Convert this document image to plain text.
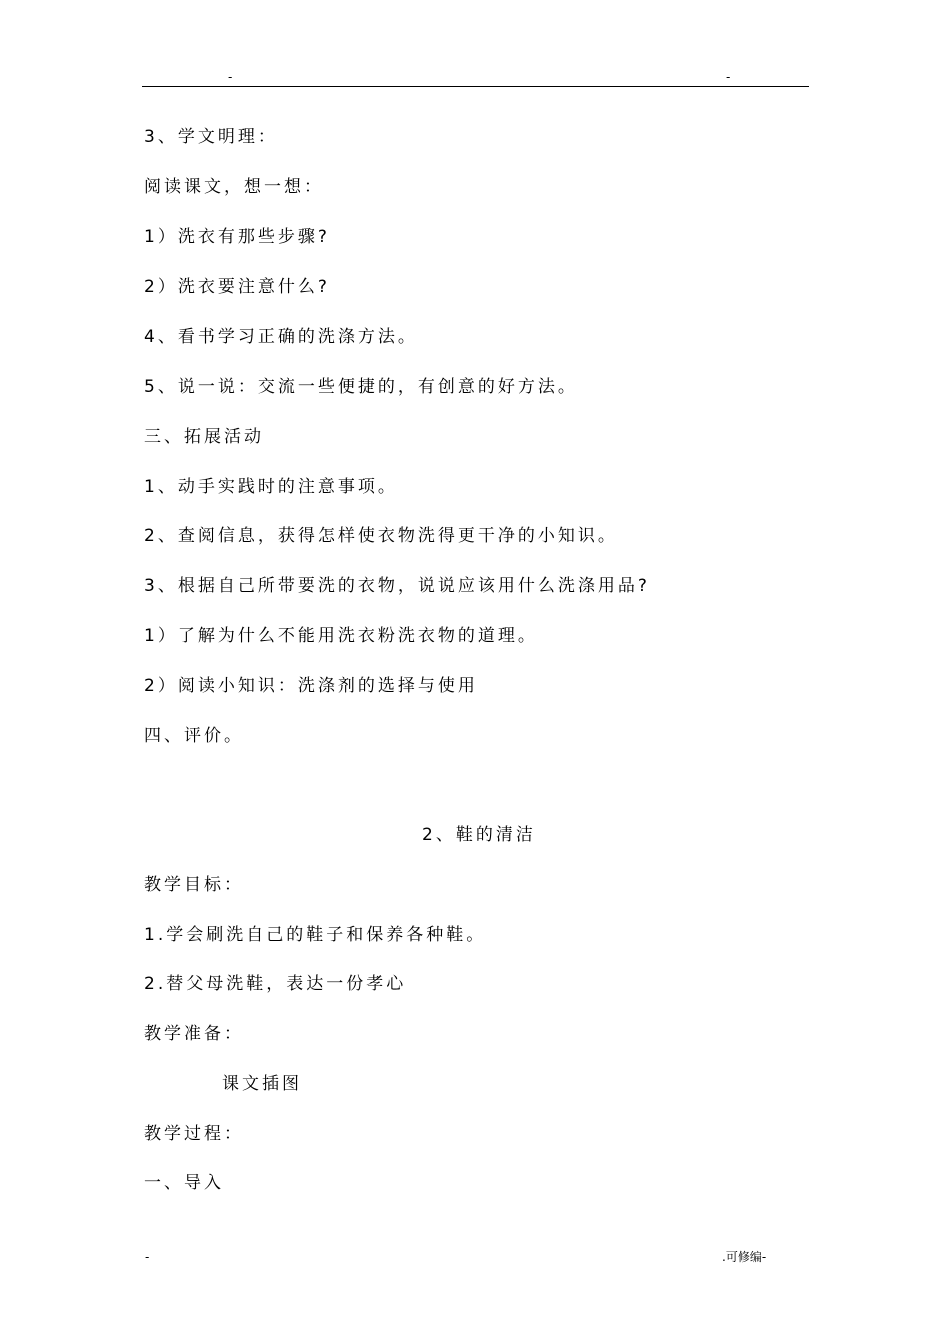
-	-
3、学文明理：
阅读课文，想一想：
1）洗衣有那些步骤?
2）洗衣要注意什么?
4、看书学习正确的洗涤方法。
5、说一说：交流一些便捷的，有创意的好方法。
三、拓展活动
1、动手实践时的注意事项。
2、查阅信息，获得怎样使衣物洗得更干净的小知识。
3、根据自己所带要洗的衣物，说说应该用什么洗涤用品?
1）了解为什么不能用洗衣粉洗衣物的道理。
2）阅读小知识：洗涤剂的选择与使用
四、评价。
2、鞋的清洁
教学目标：
1.学会刷洗自己的鞋子和保养各种鞋。
2.替父母洗鞋，表达一份孝心
教学准备：
课文插图
教学过程：
一、导入
-	.可修编-
